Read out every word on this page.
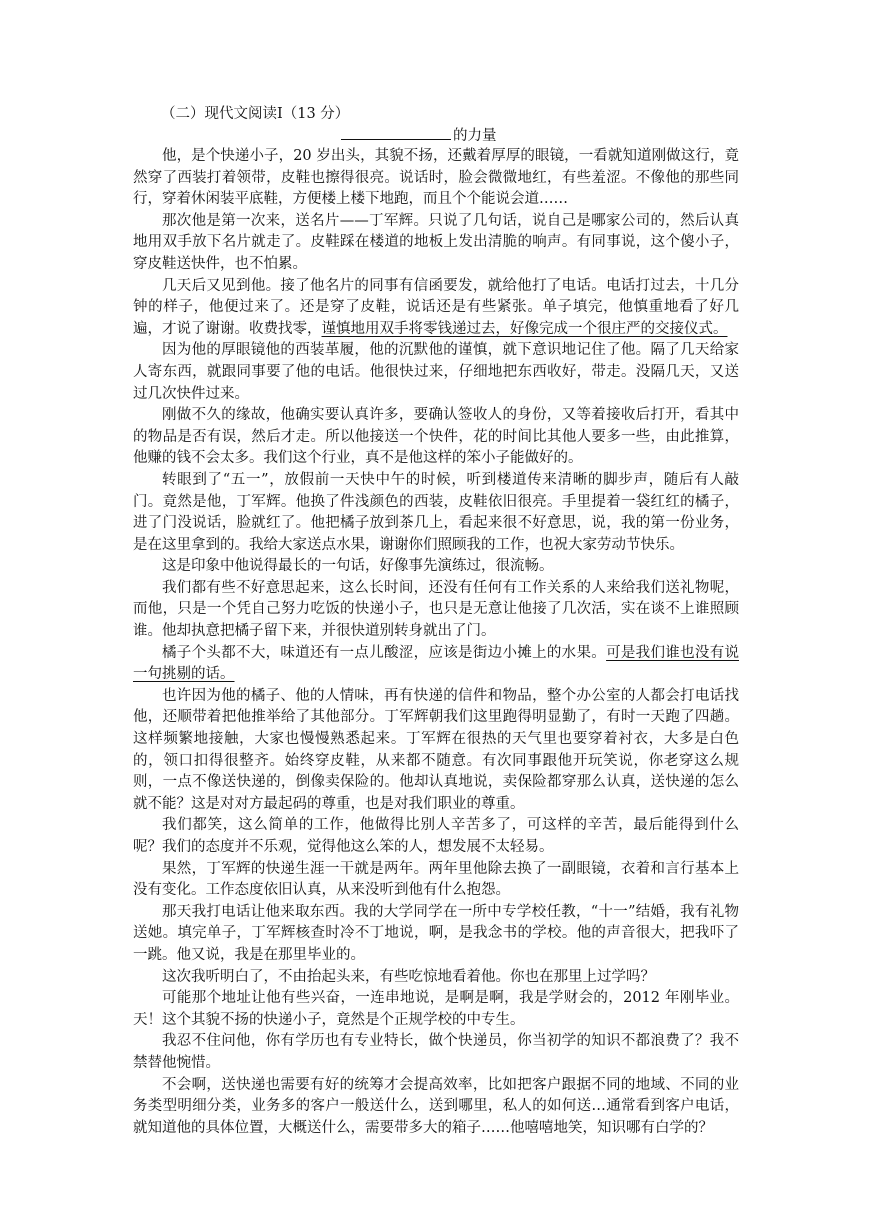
（二）现代文阅读Ⅰ（13 分）
的力量

他，是个快递小子，20 岁出头，其貌不扬，还戴着厚厚的眼镜，一看就知道刚做这行，竟然穿了西装打着领带，皮鞋也擦得很亮。说话时，脸会微微地红，有些羞涩。不像他的那些同行，穿着休闲装平底鞋，方便楼上楼下地跑，而且个个能说会道……

那次他是第一次来，送名片——丁军辉。只说了几句话，说自己是哪家公司的，然后认真地用双手放下名片就走了。皮鞋踩在楼道的地板上发出清脆的响声。有同事说，这个傻小子，穿皮鞋送快件，也不怕累。

几天后又见到他。接了他名片的同事有信函要发，就给他打了电话。电话打过去，十几分钟的样子，他便过来了。还是穿了皮鞋，说话还是有些紧张。单子填完，他慎重地看了好几遍，才说了谢谢。收费找零，谨慎地用双手将零钱递过去，好像完成一个很庄严的交接仪式。

因为他的厚眼镜他的西装革履，他的沉默他的谨慎，就下意识地记住了他。隔了几天给家人寄东西，就跟同事要了他的电话。他很快过来，仔细地把东西收好，带走。没隔几天，又送过几次快件过来。

刚做不久的缘故，他确实要认真许多，要确认签收人的身份，又等着接收后打开，看其中的物品是否有误，然后才走。所以他接送一个快件，花的时间比其他人要多一些，由此推算，他赚的钱不会太多。我们这个行业，真不是他这样的笨小子能做好的。

转眼到了“五一”，放假前一天快中午的时候，听到楼道传来清晰的脚步声，随后有人敲门。竟然是他，丁军辉。他换了件浅颜色的西装，皮鞋依旧很亮。手里提着一袋红红的橘子，进了门没说话，脸就红了。他把橘子放到茶几上，看起来很不好意思，说，我的第一份业务，是在这里拿到的。我给大家送点水果，谢谢你们照顾我的工作，也祝大家劳动节快乐。

这是印象中他说得最长的一句话，好像事先演练过，很流畅。

我们都有些不好意思起来，这么长时间，还没有任何有工作关系的人来给我们送礼物呢，而他，只是一个凭自己努力吃饭的快递小子，也只是无意让他接了几次活，实在谈不上谁照顾谁。他却执意把橘子留下来，并很快道别转身就出了门。

橘子个头都不大，味道还有一点儿酸涩，应该是街边小摊上的水果。可是我们谁也没有说一句挑剔的话。

也许因为他的橘子、他的人情味，再有快递的信件和物品，整个办公室的人都会打电话找他，还顺带着把他推举给了其他部分。丁军辉朝我们这里跑得明显勤了，有时一天跑了四趟。这样频繁地接触，大家也慢慢熟悉起来。丁军辉在很热的天气里也要穿着衬衣，大多是白色的，领口扣得很整齐。始终穿皮鞋，从来都不随意。有次同事跟他开玩笑说，你老穿这么规则，一点不像送快递的，倒像卖保险的。他却认真地说，卖保险都穿那么认真，送快递的怎么就不能？这是对对方最起码的尊重，也是对我们职业的尊重。

我们都笑，这么简单的工作，他做得比别人辛苦多了，可这样的辛苦，最后能得到什么呢？我们的态度并不乐观，觉得他这么笨的人，想发展不太轻易。

果然，丁军辉的快递生涯一干就是两年。两年里他除去换了一副眼镜，衣着和言行基本上没有变化。工作态度依旧认真，从来没听到他有什么抱怨。

那天我打电话让他来取东西。我的大学同学在一所中专学校任教，“十一”结婚，我有礼物送她。填完单子，丁军辉核查时冷不丁地说，啊，是我念书的学校。他的声音很大，把我吓了一跳。他又说，我是在那里毕业的。

这次我听明白了，不由抬起头来，有些吃惊地看着他。你也在那里上过学吗？

可能那个地址让他有些兴奋，一连串地说，是啊是啊，我是学财会的，2012 年刚毕业。天！这个其貌不扬的快递小子，竟然是个正规学校的中专生。

我忍不住问他，你有学历也有专业特长，做个快递员，你当初学的知识不都浪费了？我不禁替他惋惜。

不会啊，送快递也需要有好的统筹才会提高效率，比如把客户跟据不同的地域、不同的业务类型明细分类，业务多的客户一般送什么，送到哪里，私人的如何送…通常看到客户电话，就知道他的具体位置，大概送什么，需要带多大的箱子……他嘻嘻地笑，知识哪有白学的？
